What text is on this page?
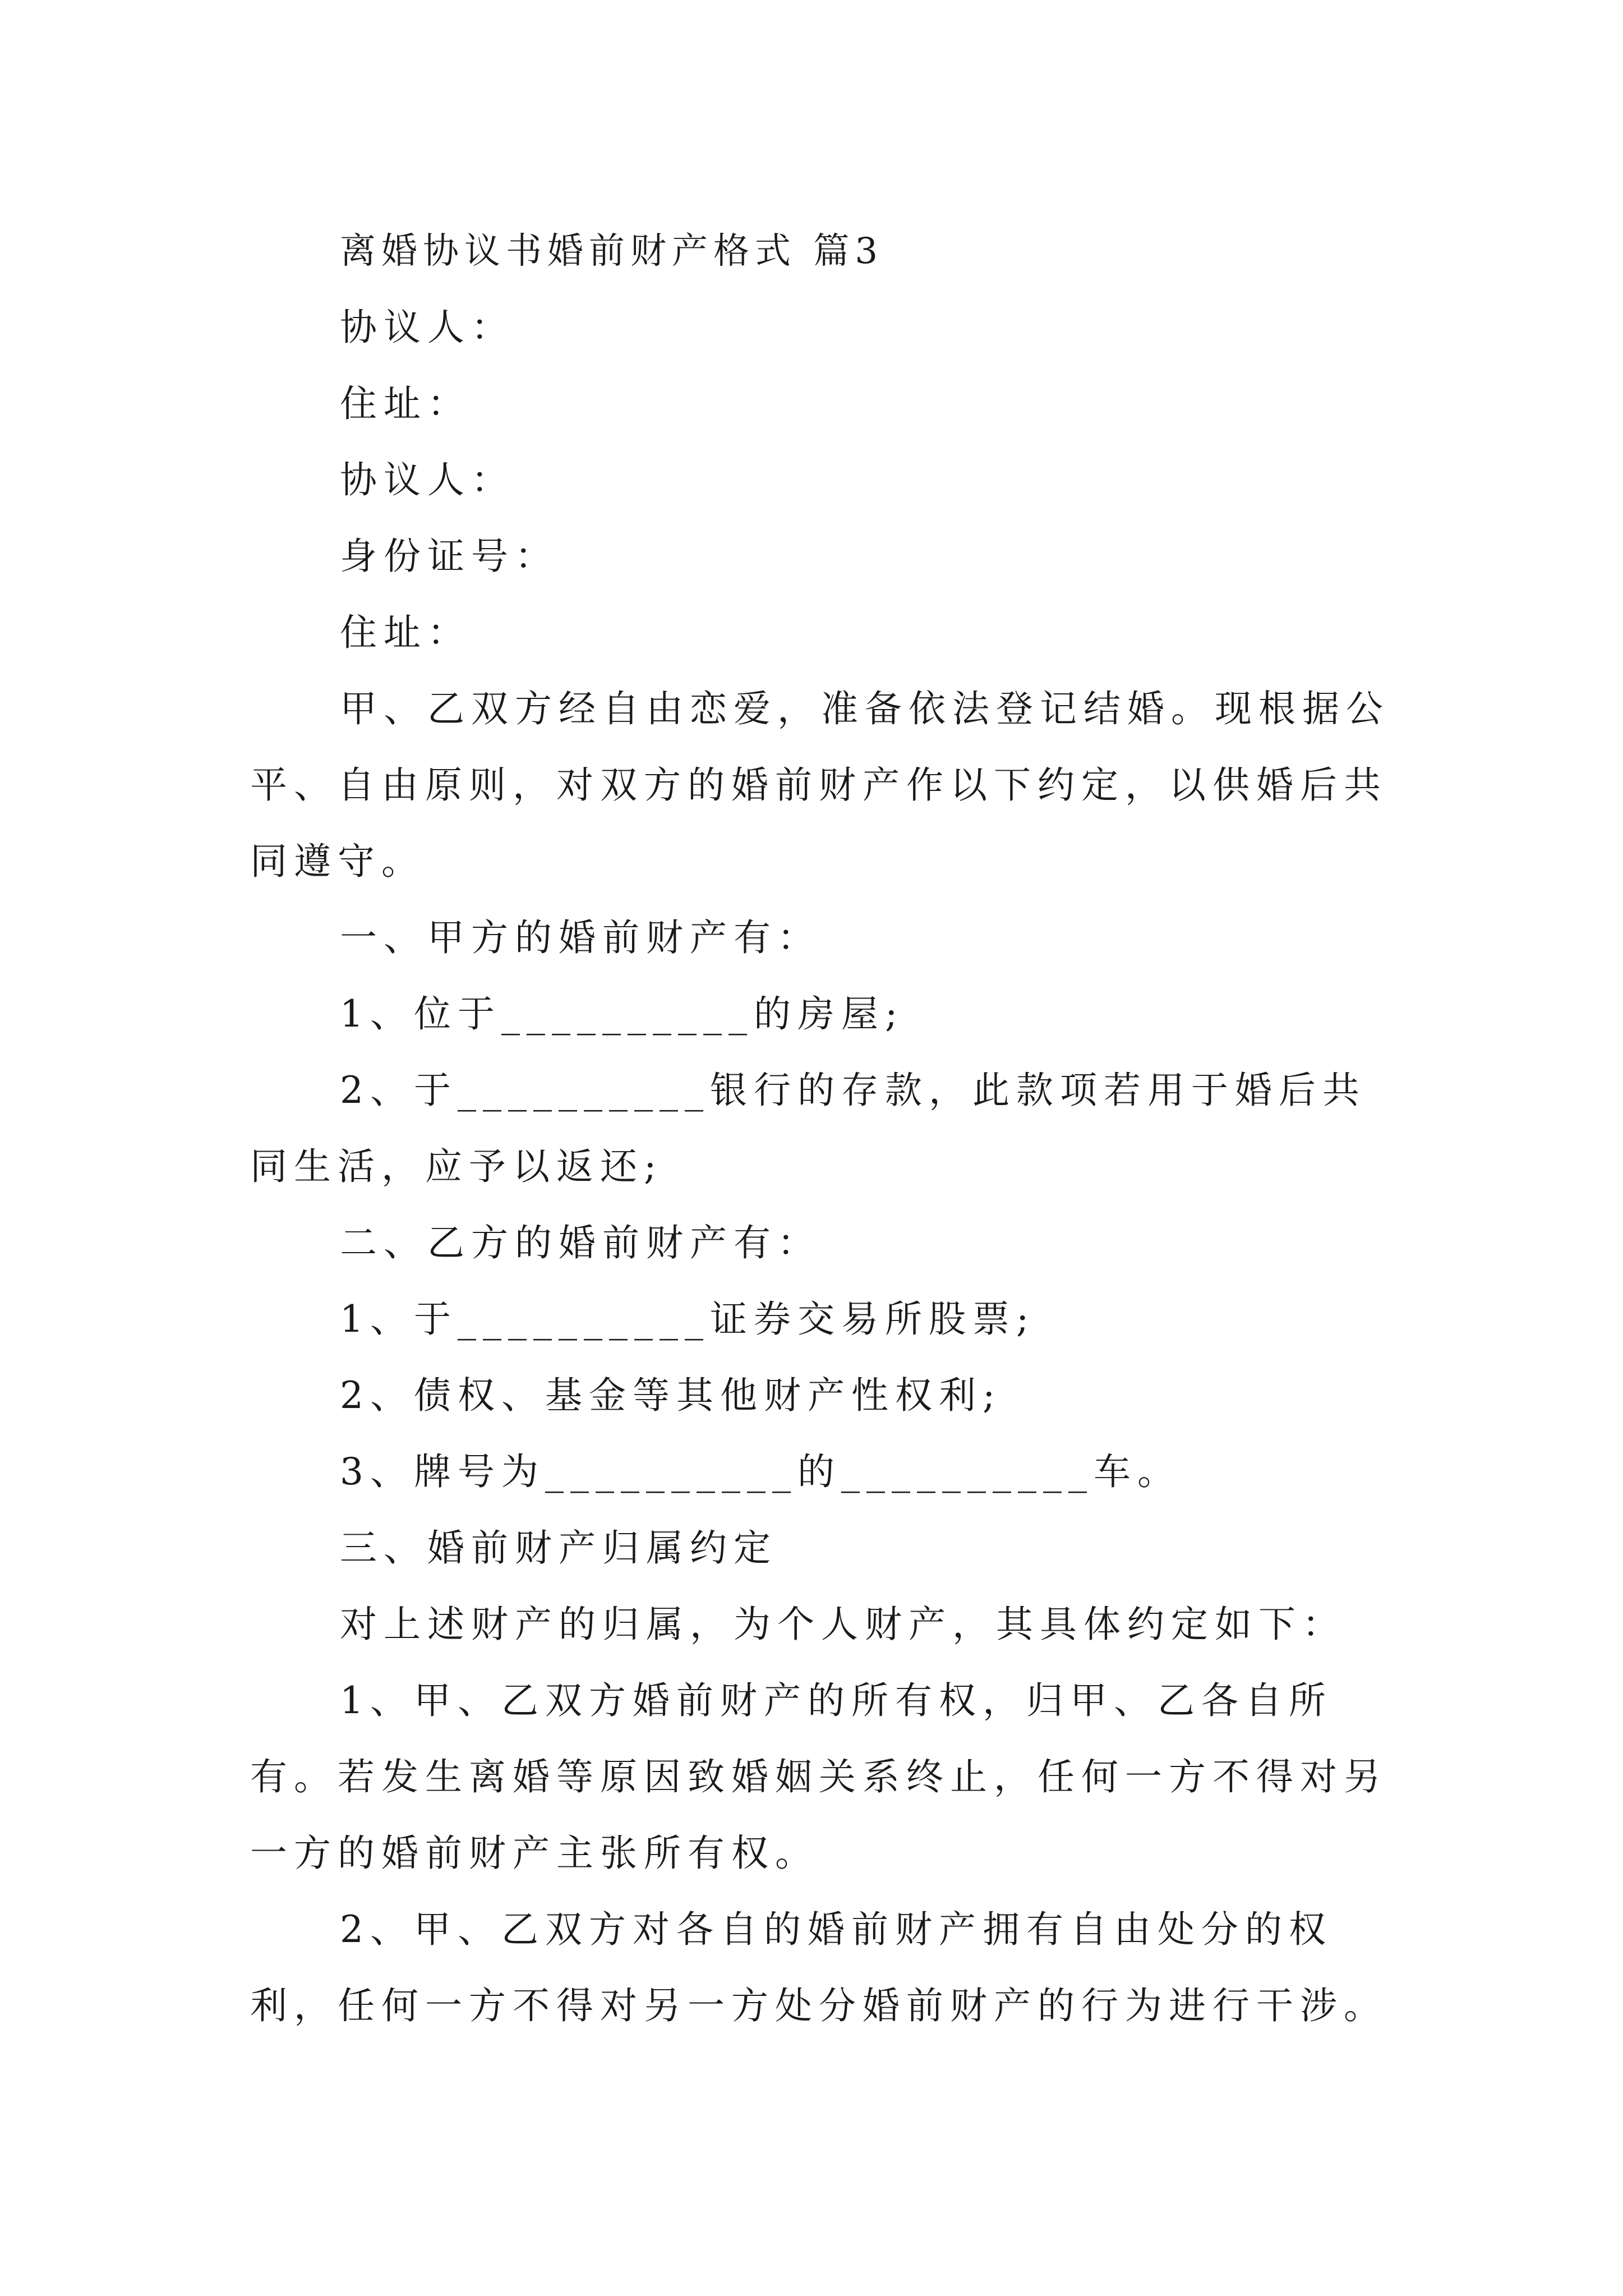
离婚协议书婚前财产格式 篇3

协议人：

住址：

协议人：

身份证号：

住址：

甲、乙双方经自由恋爱，准备依法登记结婚。现根据公平、自由原则，对双方的婚前财产作以下约定，以供婚后共同遵守。

一、甲方的婚前财产有：

1、位于__________的房屋;

2、于__________银行的存款，此款项若用于婚后共同生活，应予以返还;

二、乙方的婚前财产有：

1、于__________证券交易所股票;

2、债权、基金等其他财产性权利;

3、牌号为__________的__________车。

三、婚前财产归属约定

对上述财产的归属，为个人财产，其具体约定如下：

1、甲、乙双方婚前财产的所有权，归甲、乙各自所有。若发生离婚等原因致婚姻关系终止，任何一方不得对另一方的婚前财产主张所有权。

2、甲、乙双方对各自的婚前财产拥有自由处分的权利，任何一方不得对另一方处分婚前财产的行为进行干涉。
